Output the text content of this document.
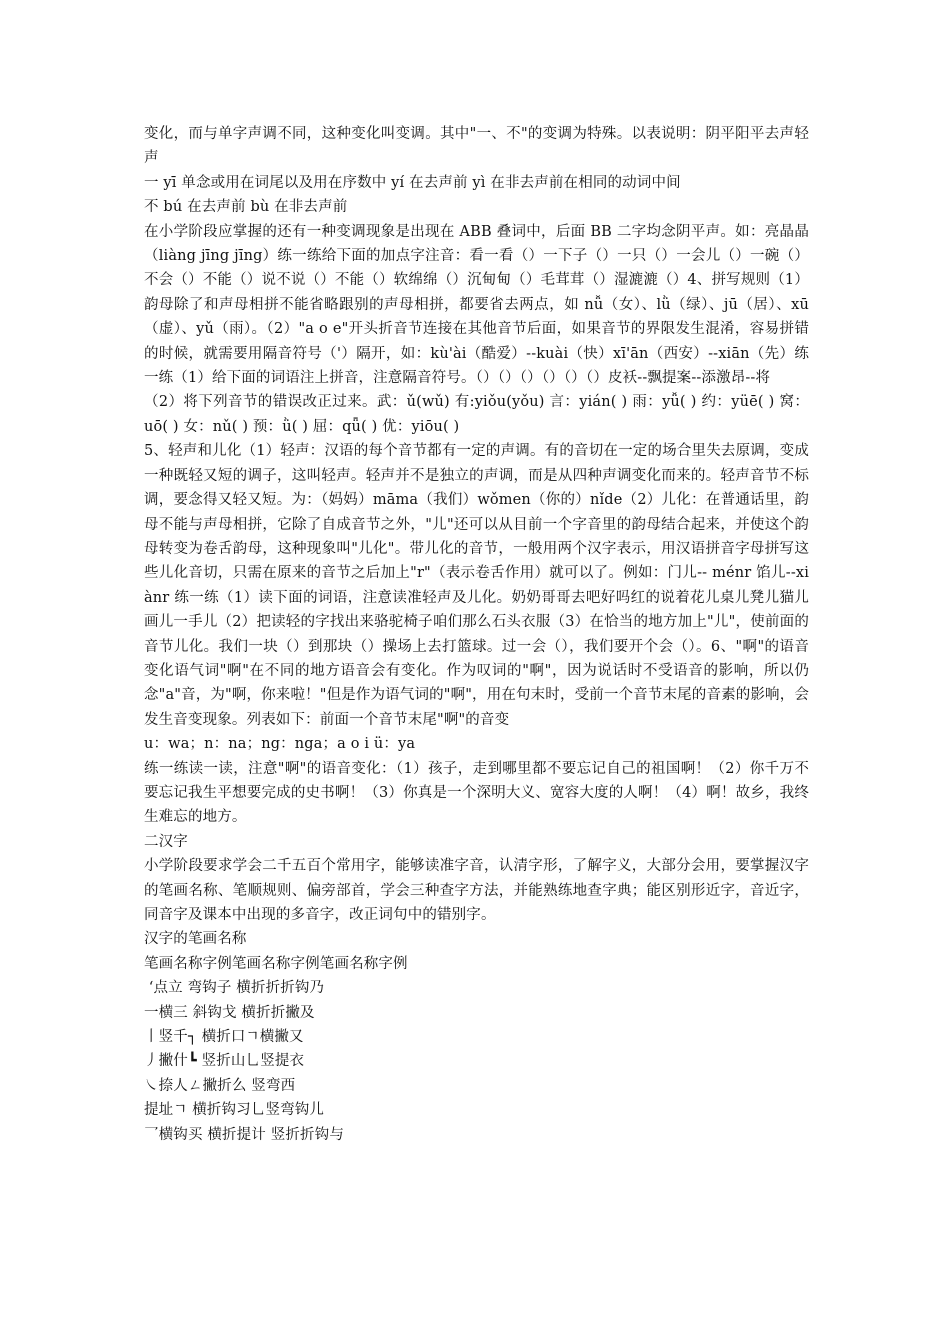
变化，而与单字声调不同，这种变化叫变调。其中"一、不"的变调为特殊。以表说明：阴平阳平去声轻声

一 yī 单念或用在词尾以及用在序数中 yí 在去声前 yì 在非去声前在相同的动词中间

不 bú 在去声前 bù 在非去声前

在小学阶段应掌握的还有一种变调现象是出现在 ABB 叠词中，后面 BB 二字均念阴平声。如：亮晶晶（liàng jīng jīng）练一练给下面的加点字注音：看一看（）一下子（）一只（）一会儿（）一碗（）不会（）不能（）说不说（）不能（）软绵绵（）沉甸甸（）毛茸茸（）湿漉漉（）4、拼写规则（1）韵母除了和声母相拼不能省略跟别的声母相拼，都要省去两点，如 nǚ（女）、lǜ（绿）、jū（居）、xū（虚）、yǔ（雨）。（2）"a o e"开头折音节连接在其他音节后面，如果音节的界限发生混淆，容易拼错的时候，就需要用隔音符号（'）隔开，如：kù'ài（酷爱）--kuài（快）xī'ān（西安）--xiān（先）练一练（1）给下面的词语注上拼音，注意隔音符号。（）（）（）（）（）（）皮袄--飘提案--添激昂--将

（2）将下列音节的错误改正过来。武：ǔ(wǔ) 有:yiǒu(yǒu) 言：yián( ) 雨：yǚ( ) 约：yüē( ) 窝：uō( ) 女：nǔ( ) 预：ǜ( ) 屈：qǖ( ) 优：yiōu( )

5、轻声和儿化（1）轻声：汉语的每个音节都有一定的声调。有的音切在一定的场合里失去原调，变成一种既轻又短的调子，这叫轻声。轻声并不是独立的声调，而是从四种声调变化而来的。轻声音节不标调，要念得又轻又短。为：（妈妈）māma（我们）wǒmen（你的）nǐde（2）儿化：在普通话里，韵母不能与声母相拼，它除了自成音节之外，"儿"还可以从目前一个字音里的韵母结合起来，并使这个韵母转变为卷舌韵母，这种现象叫"儿化"。带儿化的音节，一般用两个汉字表示，用汉语拼音字母拼写这些儿化音切，只需在原来的音节之后加上"r"（表示卷舌作用）就可以了。例如：门儿-- ménr 馅儿--xiànr 练一练（1）读下面的词语，注意读准轻声及儿化。奶奶哥哥去吧好吗红的说着花儿桌儿凳儿猫儿画儿一手儿（2）把读轻的字找出来骆驼椅子咱们那么石头衣服（3）在恰当的地方加上"儿"，使前面的音节儿化。我们一块（）到那块（）操场上去打篮球。过一会（），我们要开个会（）。6、"啊"的语音变化语气词"啊"在不同的地方语音会有变化。作为叹词的"啊"，因为说话时不受语音的影响，所以仍念"a"音，为"啊，你来啦！"但是作为语气词的"啊"，用在句末时，受前一个音节末尾的音素的影响，会发生音变现象。列表如下：前面一个音节末尾"啊"的音变

u：wa；n：na；ng：nga；a o i ü：ya

练一练读一读，注意"啊"的语音变化：（1）孩子，走到哪里都不要忘记自己的祖国啊！（2）你千万不要忘记我生平想要完成的史书啊！（3）你真是一个深明大义、宽容大度的人啊！（4）啊！故乡，我终生难忘的地方。

二汉字

小学阶段要求学会二千五百个常用字，能够读准字音，认清字形，了解字义，大部分会用，要掌握汉字的笔画名称、笔顺规则、偏旁部首，学会三种查字方法，并能熟练地查字典；能区别形近字，音近字，同音字及课本中出现的多音字，改正词句中的错别字。

汉字的笔画名称

笔画名称字例笔画名称字例笔画名称字例

‘点立 弯钩子 横折折折钩乃

一横三 斜钩戈 横折折撇及

丨竖千┐ 横折口ㄱ横撇又

丿撇什┗ 竖折山乚竖提衣

㇏捺人ㄥ撇折么 竖弯西

提址ㄱ 横折钩习乚竖弯钩儿

乛横钩买 横折提计 竖折折钩与
